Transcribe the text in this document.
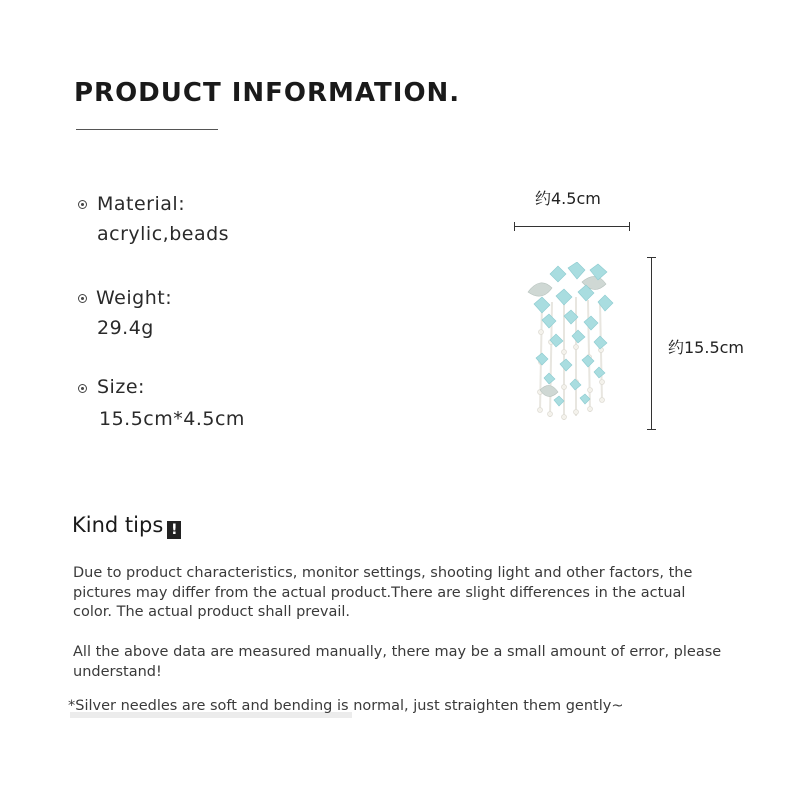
PRODUCT INFORMATION.
Material:
acrylic,beads
Weight:
29.4g
Size:
15.5cm*4.5cm
约4.5cm
约15.5cm
Kind tips !
Due to product characteristics, monitor settings, shooting light and other factors, the pictures may differ from the actual product.There are slight differences in the actual color. The actual product shall prevail.
All the above data are measured manually, there may be a small amount of error, please understand!
*Silver needles are soft and bending is normal, just straighten them gently~
